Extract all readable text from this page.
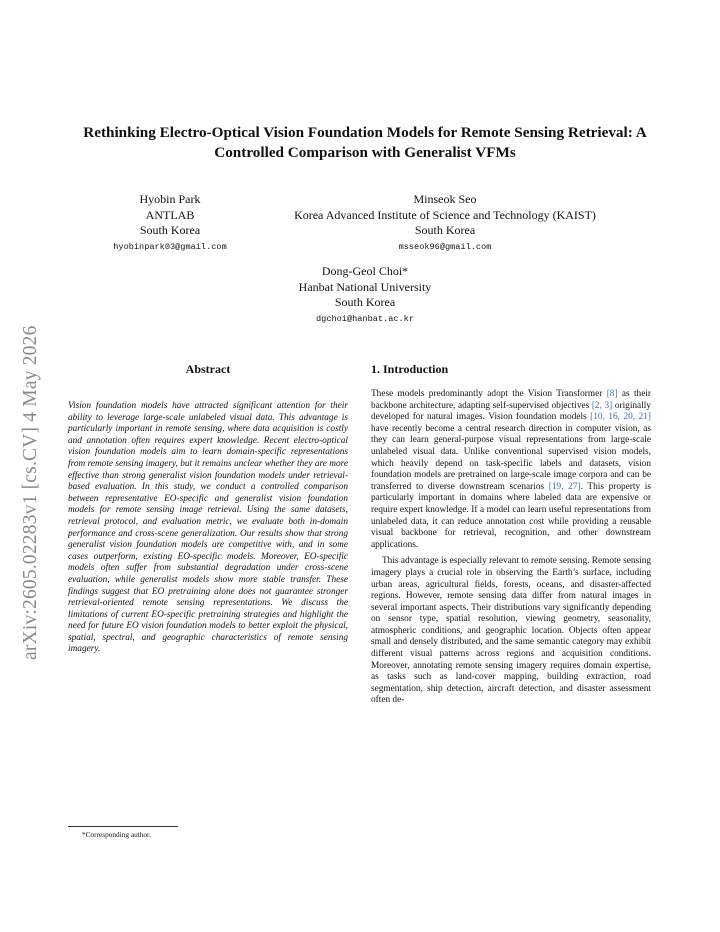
arXiv:2605.02283v1 [cs.CV] 4 May 2026
Rethinking Electro-Optical Vision Foundation Models for Remote Sensing Retrieval: A Controlled Comparison with Generalist VFMs
Hyobin Park
ANTLAB
South Korea
hyobinpark03@gmail.com
Minseok Seo
Korea Advanced Institute of Science and Technology (KAIST)
South Korea
msseok96@gmail.com
Dong-Geol Choi*
Hanbat National University
South Korea
dgchoi@hanbat.ac.kr
Abstract

Vision foundation models have attracted significant attention for their ability to leverage large-scale unlabeled visual data. This advantage is particularly important in remote sensing, where data acquisition is costly and annotation often requires expert knowledge. Recent electro-optical vision foundation models aim to learn domain-specific representations from remote sensing imagery, but it remains unclear whether they are more effective than strong generalist vision foundation models under retrieval-based evaluation. In this study, we conduct a controlled comparison between representative EO-specific and generalist vision foundation models for remote sensing image retrieval. Using the same datasets, retrieval protocol, and evaluation metric, we evaluate both in-domain performance and cross-scene generalization. Our results show that strong generalist vision foundation models are competitive with, and in some cases outperform, existing EO-specific models. Moreover, EO-specific models often suffer from substantial degradation under cross-scene evaluation, while generalist models show more stable transfer. These findings suggest that EO pretraining alone does not guarantee stronger retrieval-oriented remote sensing representations. We discuss the limitations of current EO-specific pretraining strategies and highlight the need for future EO vision foundation models to better exploit the physical, spatial, spectral, and geographic characteristics of remote sensing imagery.

1. Introduction

These models predominantly adopt the Vision Transformer [8] as their backbone architecture, adapting self-supervised objectives [2, 3] originally developed for natural images. Vision foundation models [10, 16, 20, 21] have recently become a central research direction in computer vision, as they can learn general-purpose visual representations from large-scale unlabeled visual data. Unlike conventional supervised vision models, which heavily depend on task-specific labels and datasets, vision foundation models are pretrained on large-scale image corpora and can be transferred to diverse downstream scenarios [19, 27]. This property is particularly important in domains where labeled data are expensive or require expert knowledge. If a model can learn useful representations from unlabeled data, it can reduce annotation cost while providing a reusable visual backbone for retrieval, recognition, and other downstream applications.

This advantage is especially relevant to remote sensing. Remote sensing imagery plays a crucial role in observing the Earth’s surface, including urban areas, agricultural fields, forests, oceans, and disaster-affected regions. However, remote sensing data differ from natural images in several important aspects. Their distributions vary significantly depending on sensor type, spatial resolution, viewing geometry, seasonality, atmospheric conditions, and geographic location. Objects often appear small and densely distributed, and the same semantic category may exhibit different visual patterns across regions and acquisition conditions. Moreover, annotating remote sensing imagery requires domain expertise, as tasks such as land-cover mapping, building extraction, road segmentation, ship detection, aircraft detection, and disaster assessment often de-

*Corresponding author.
